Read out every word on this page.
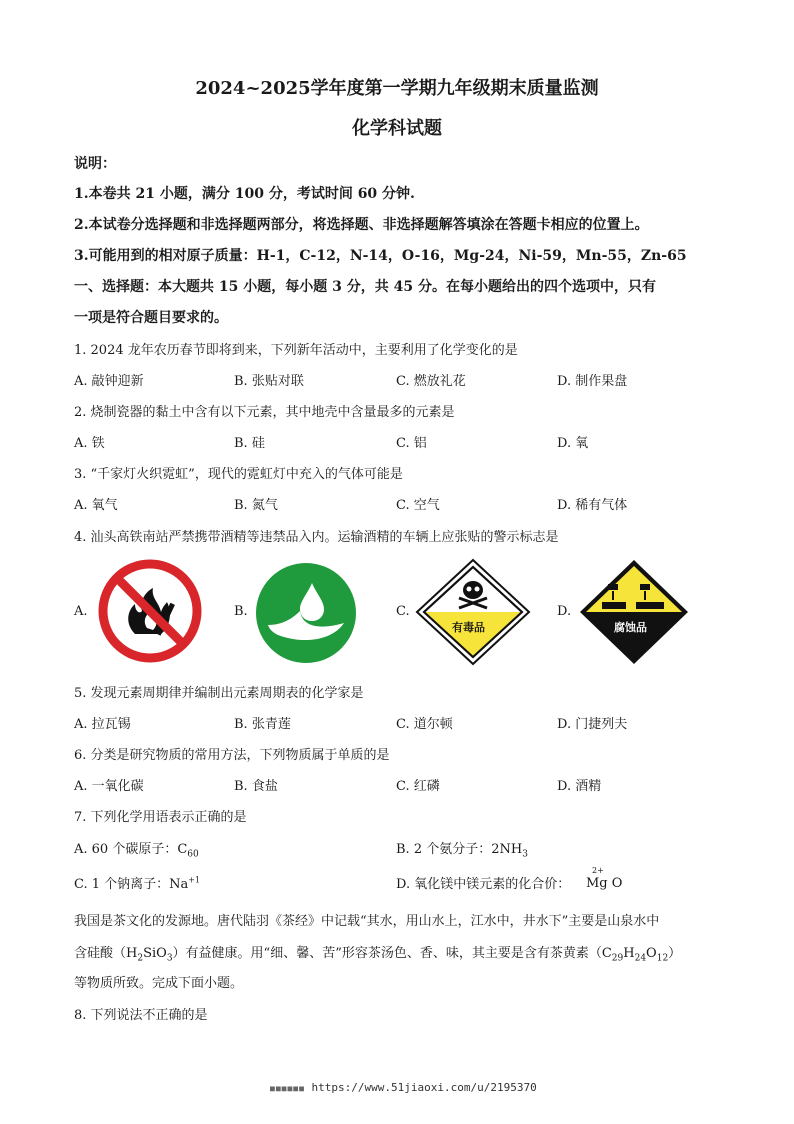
2024~2025学年度第一学期九年级期末质量监测
化学科试题
说明：
1.本卷共 21 小题，满分 100 分，考试时间 60 分钟.
2.本试卷分选择题和非选择题两部分，将选择题、非选择题解答填涂在答题卡相应的位置上。
3.可能用到的相对原子质量：H-1，C-12，N-14，O-16，Mg-24，Ni-59，Mn-55，Zn-65
一、选择题：本大题共 15 小题，每小题 3 分，共 45 分。在每小题给出的四个选项中，只有
一项是符合题目要求的。
1. 2024 龙年农历春节即将到来，下列新年活动中，主要利用了化学变化的是
A. 敲钟迎新	B. 张贴对联	C. 燃放礼花	D. 制作果盘
2. 烧制瓷器的黏土中含有以下元素，其中地壳中含量最多的元素是
A. 铁	B. 硅	C. 铝	D. 氧
3. “千家灯火织霓虹”，现代的霓虹灯中充入的气体可能是
A. 氧气	B. 氮气	C. 空气	D. 稀有气体
4. 汕头高铁南站严禁携带酒精等违禁品入内。运输酒精的车辆上应张贴的警示标志是
A.	B.	C.
有毒品
D.
腐蚀品
5. 发现元素周期律并编制出元素周期表的化学家是
A. 拉瓦锡	B. 张青莲	C. 道尔顿	D. 门捷列夫
6. 分类是研究物质的常用方法，下列物质属于单质的是
A. 一氧化碳	B. 食盐	C. 红磷	D. 酒精
7. 下列化学用语表示正确的是
A. 60 个碳原子：$C_{60}$	B. 2 个氨分子：$2NH_3$
C. 1 个钠离子：$Na^{+1}$	D. 氧化镁中镁元素的化合价：
2+
Mg O
我国是茶文化的发源地。唐代陆羽《茶经》中记载“其水，用山水上，江水中，井水下”主要是山泉水中
含硅酸$(H_2SiO_3)$有益健康。用“细、馨、苦”形容茶汤色、香、味，其主要是含有茶黄素$(C_{29}H_{24}O_{12})$
等物质所致。完成下面小题。
8. 下列说法不正确的是
■■■■■■ https://www.51jiaoxi.com/u/2195370
